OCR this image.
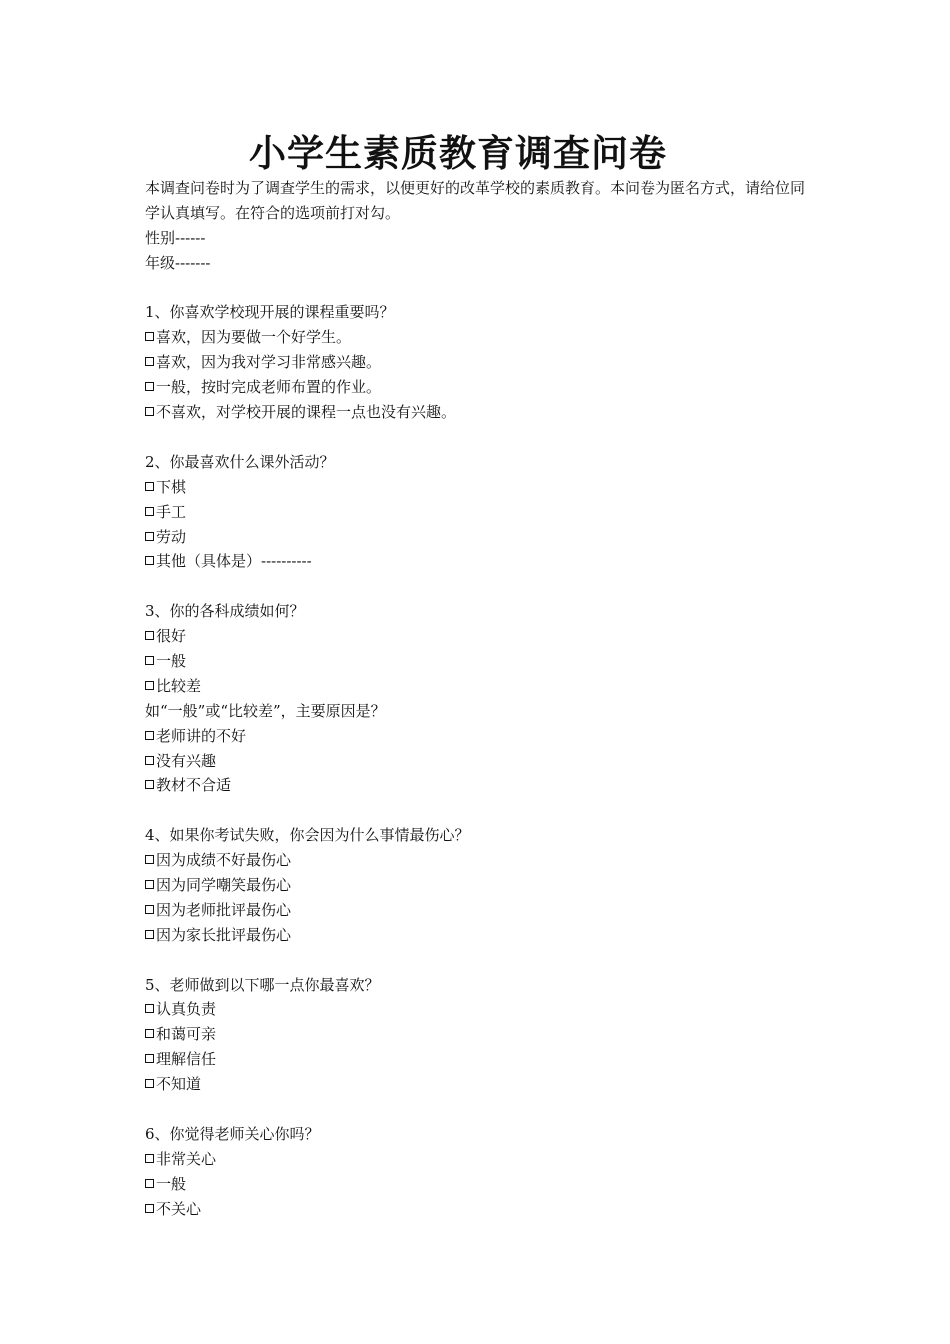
小学生素质教育调查问卷

本调查问卷时为了调查学生的需求，以便更好的改革学校的素质教育。本问卷为匿名方式，请给位同学认真填写。在符合的选项前打对勾。

性别------
年级-------
1、你喜欢学校现开展的课程重要吗？
喜欢，因为要做一个好学生。
喜欢，因为我对学习非常感兴趣。
一般，按时完成老师布置的作业。
不喜欢，对学校开展的课程一点也没有兴趣。
2、你最喜欢什么课外活动？
下棋
手工
劳动
其他（具体是）----------
3、你的各科成绩如何？
很好
一般
比较差
如“一般”或“比较差”，主要原因是？
老师讲的不好
没有兴趣
教材不合适
4、如果你考试失败，你会因为什么事情最伤心？
因为成绩不好最伤心
因为同学嘲笑最伤心
因为老师批评最伤心
因为家长批评最伤心
5、老师做到以下哪一点你最喜欢？
认真负责
和蔼可亲
理解信任
不知道
6、你觉得老师关心你吗？
非常关心
一般
不关心
